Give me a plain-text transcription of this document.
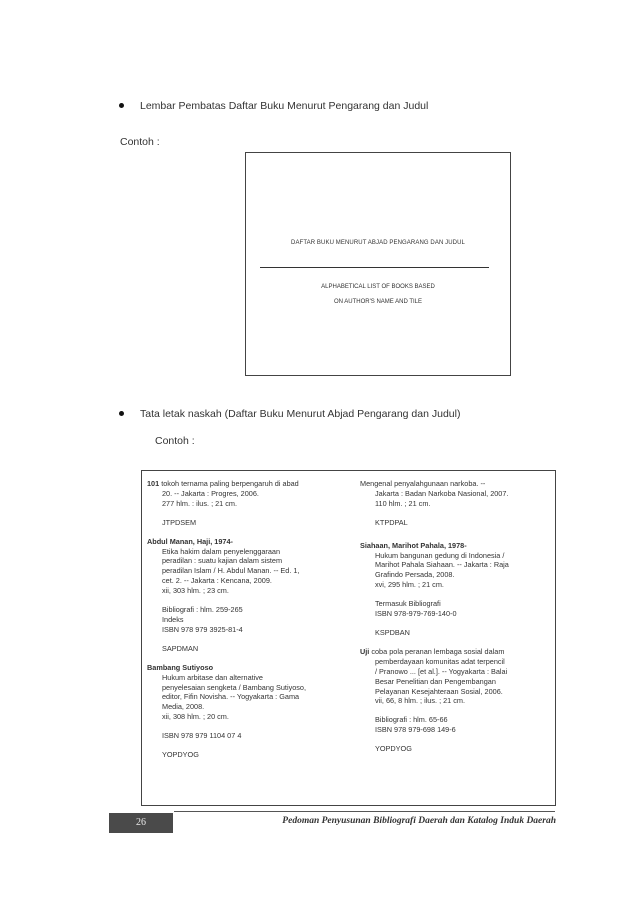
Lembar Pembatas Daftar Buku Menurut Pengarang dan Judul
Contoh :
DAFTAR BUKU MENURUT ABJAD PENGARANG DAN JUDUL
ALPHABETICAL LIST OF BOOKS BASED
ON AUTHOR'S NAME AND TILE
Tata letak naskah (Daftar Buku Menurut Abjad Pengarang dan Judul)
Contoh :
101 tokoh ternama paling berpengaruh di abad
20. -- Jakarta : Progres, 2006.
277 hlm. : ilus. ; 21 cm.
JTPDSEM
Abdul Manan, Haji, 1974-
Etika hakim dalam penyelenggaraan
peradilan : suatu kajian dalam sistem
peradilan Islam / H. Abdul Manan. -- Ed. 1,
cet. 2. -- Jakarta : Kencana, 2009.
xii, 303 hlm. ; 23 cm.
Bibliografi : hlm. 259-265
Indeks
ISBN 978 979 3925-81-4
SAPDMAN
Bambang Sutiyoso
Hukum arbitase dan alternative
penyelesaian sengketa / Bambang Sutiyoso,
editor, Fifin Novisha. -- Yogyakarta : Gama
Media, 2008.
xii, 308 hlm. ; 20 cm.
ISBN 978 979 1104 07 4
YOPDYOG
Mengenal penyalahgunaan narkoba. --
Jakarta : Badan Narkoba Nasional, 2007.
110 hlm. ; 21 cm.
KTPDPAL
Siahaan, Marihot Pahala, 1978-
Hukum bangunan gedung di Indonesia /
Marihot Pahala Siahaan. -- Jakarta : Raja
Grafindo Persada, 2008.
xvi, 295 hlm. ; 21 cm.
Termasuk Bibliografi
ISBN 978-979-769-140-0
KSPDBAN
Uji coba pola peranan lembaga sosial dalam
pemberdayaan komunitas adat terpencil
/ Pranowo ... [et al.]. -- Yogyakarta : Balai
Besar Penelitian dan Pengembangan
Pelayanan Kesejahteraan Sosial, 2006.
vii, 66, 8 hlm. ; ilus. ; 21 cm.
Bibliografi : hlm. 65-66
ISBN 978 979-698 149-6
YOPDYOG
26	Pedoman Penyusunan Bibliografi Daerah dan Katalog Induk Daerah
